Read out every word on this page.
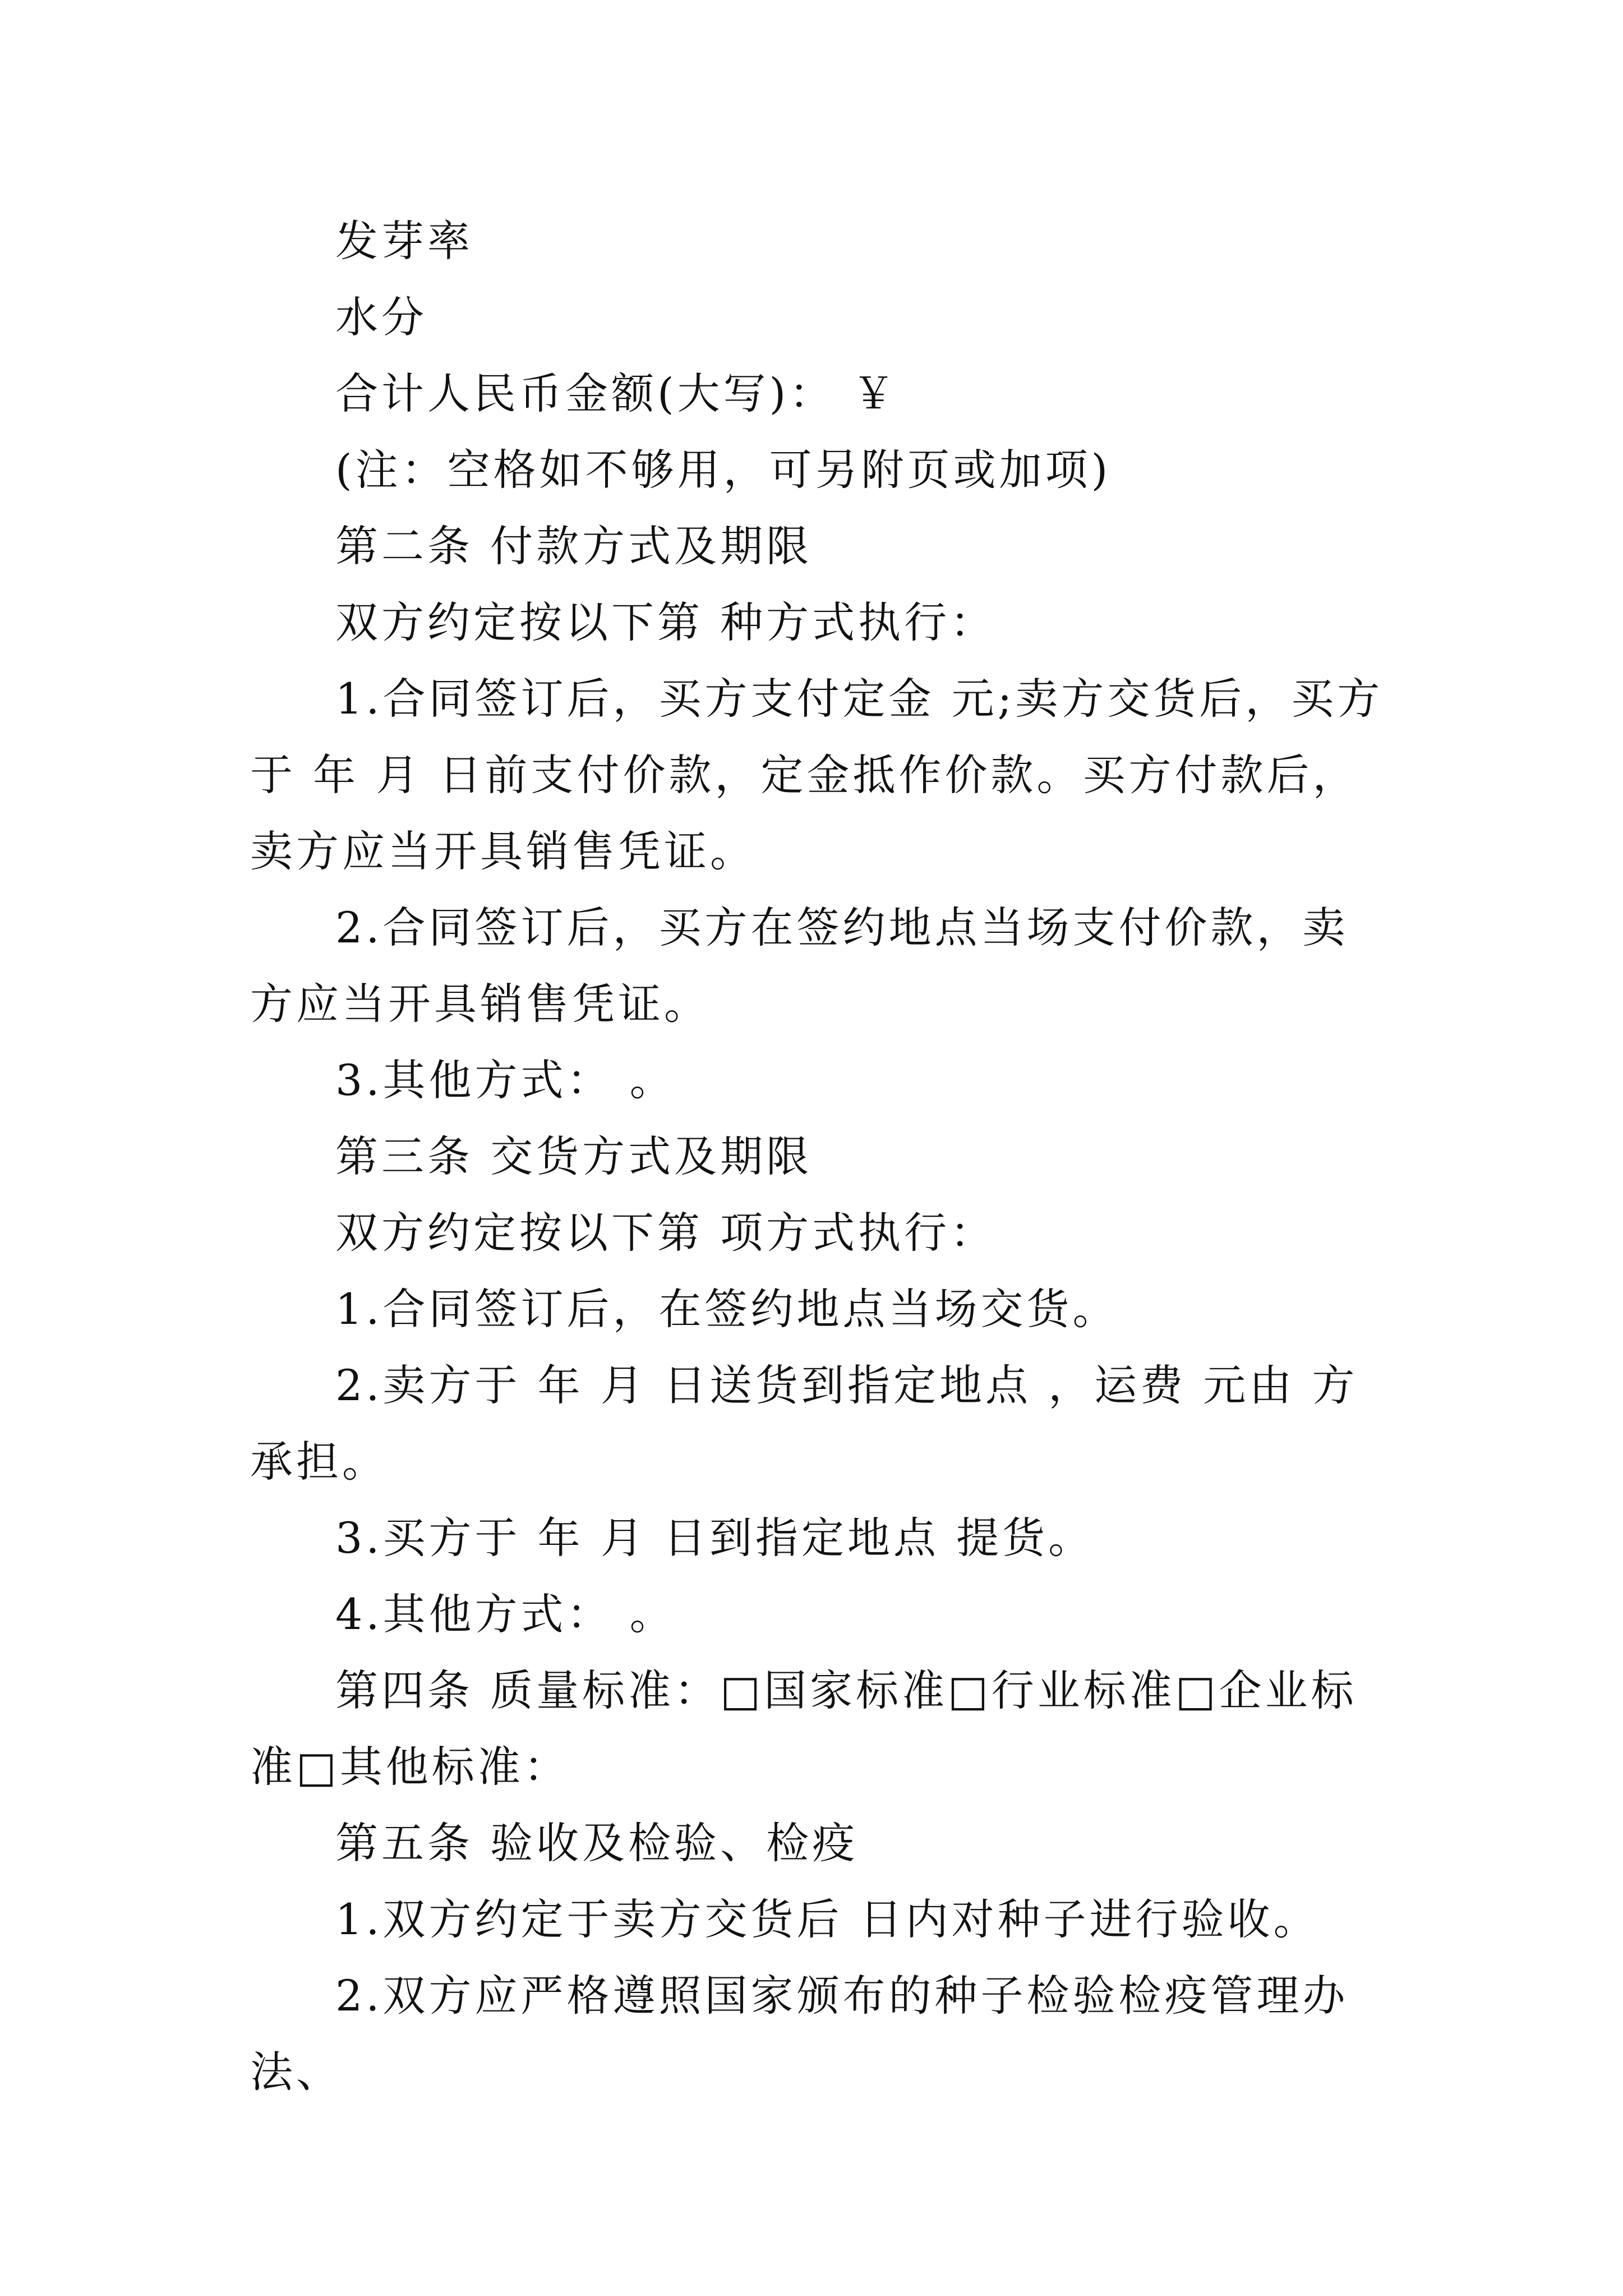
发芽率

水分

合计人民币金额(大写)： ￥

(注：空格如不够用，可另附页或加项)

第二条 付款方式及期限

双方约定按以下第 种方式执行：

1.合同签订后，买方支付定金 元;卖方交货后，买方于 年 月 日前支付价款，定金抵作价款。买方付款后，卖方应当开具销售凭证。

2.合同签订后，买方在签约地点当场支付价款，卖方应当开具销售凭证。

3.其他方式： 。

第三条 交货方式及期限

双方约定按以下第 项方式执行：

1.合同签订后，在签约地点当场交货。

2.卖方于 年 月 日送货到指定地点 ，运费 元由 方承担。

3.买方于 年 月 日到指定地点 提货。

4.其他方式： 。

第四条 质量标准：□国家标准□行业标准□企业标准□其他标准：

第五条 验收及检验、检疫

1.双方约定于卖方交货后 日内对种子进行验收。

2.双方应严格遵照国家颁布的种子检验检疫管理办法、
